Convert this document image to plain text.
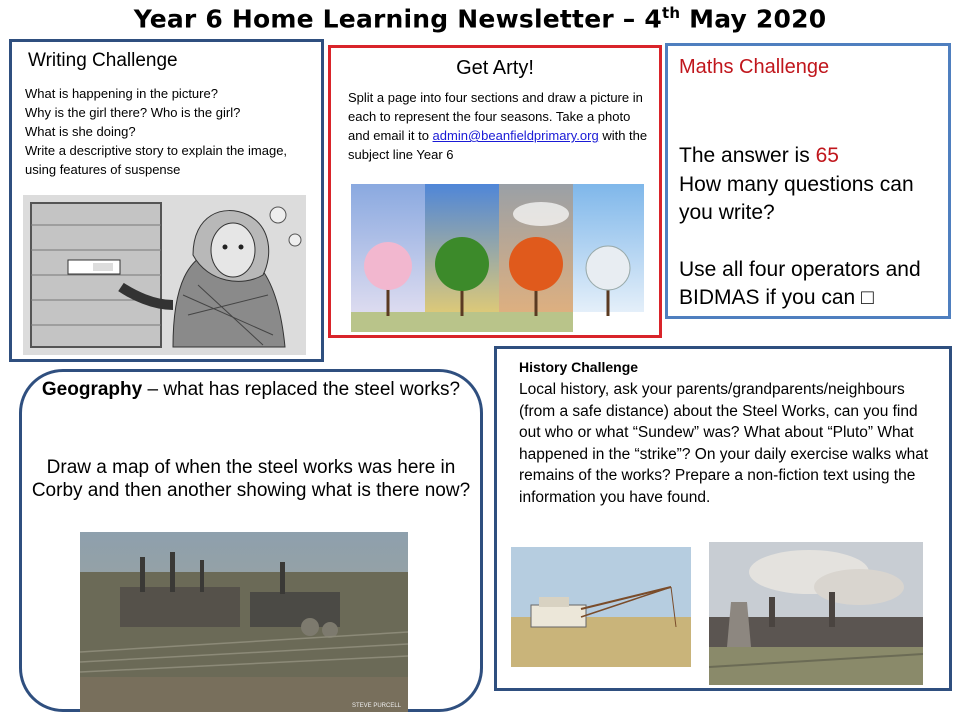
Year 6 Home Learning Newsletter – 4th May 2020
Writing Challenge
What is happening in the picture?
Why is the girl there? Who is the girl?
What is she doing?
Write a descriptive story to explain the image, using features of suspense
Get Arty!
Split a page into four sections and draw a picture in each to represent the four seasons. Take a photo and email it to admin@beanfieldprimary.org with the subject line Year 6
Maths Challenge
The answer is 65
How many questions can you write?
Use all four operators and BIDMAS if you can □
Geography – what has replaced the steel works?
Draw a map of when the steel works was here in Corby and then another showing what is there now?
STEVE PURCELL
History Challenge
Local history, ask your parents/grandparents/neighbours (from a safe distance) about the Steel Works, can you find out who or what “Sundew” was? What about “Pluto” What happened in the “strike”? On your daily exercise walks what remains of the works? Prepare a non-fiction text using the information you have found.
